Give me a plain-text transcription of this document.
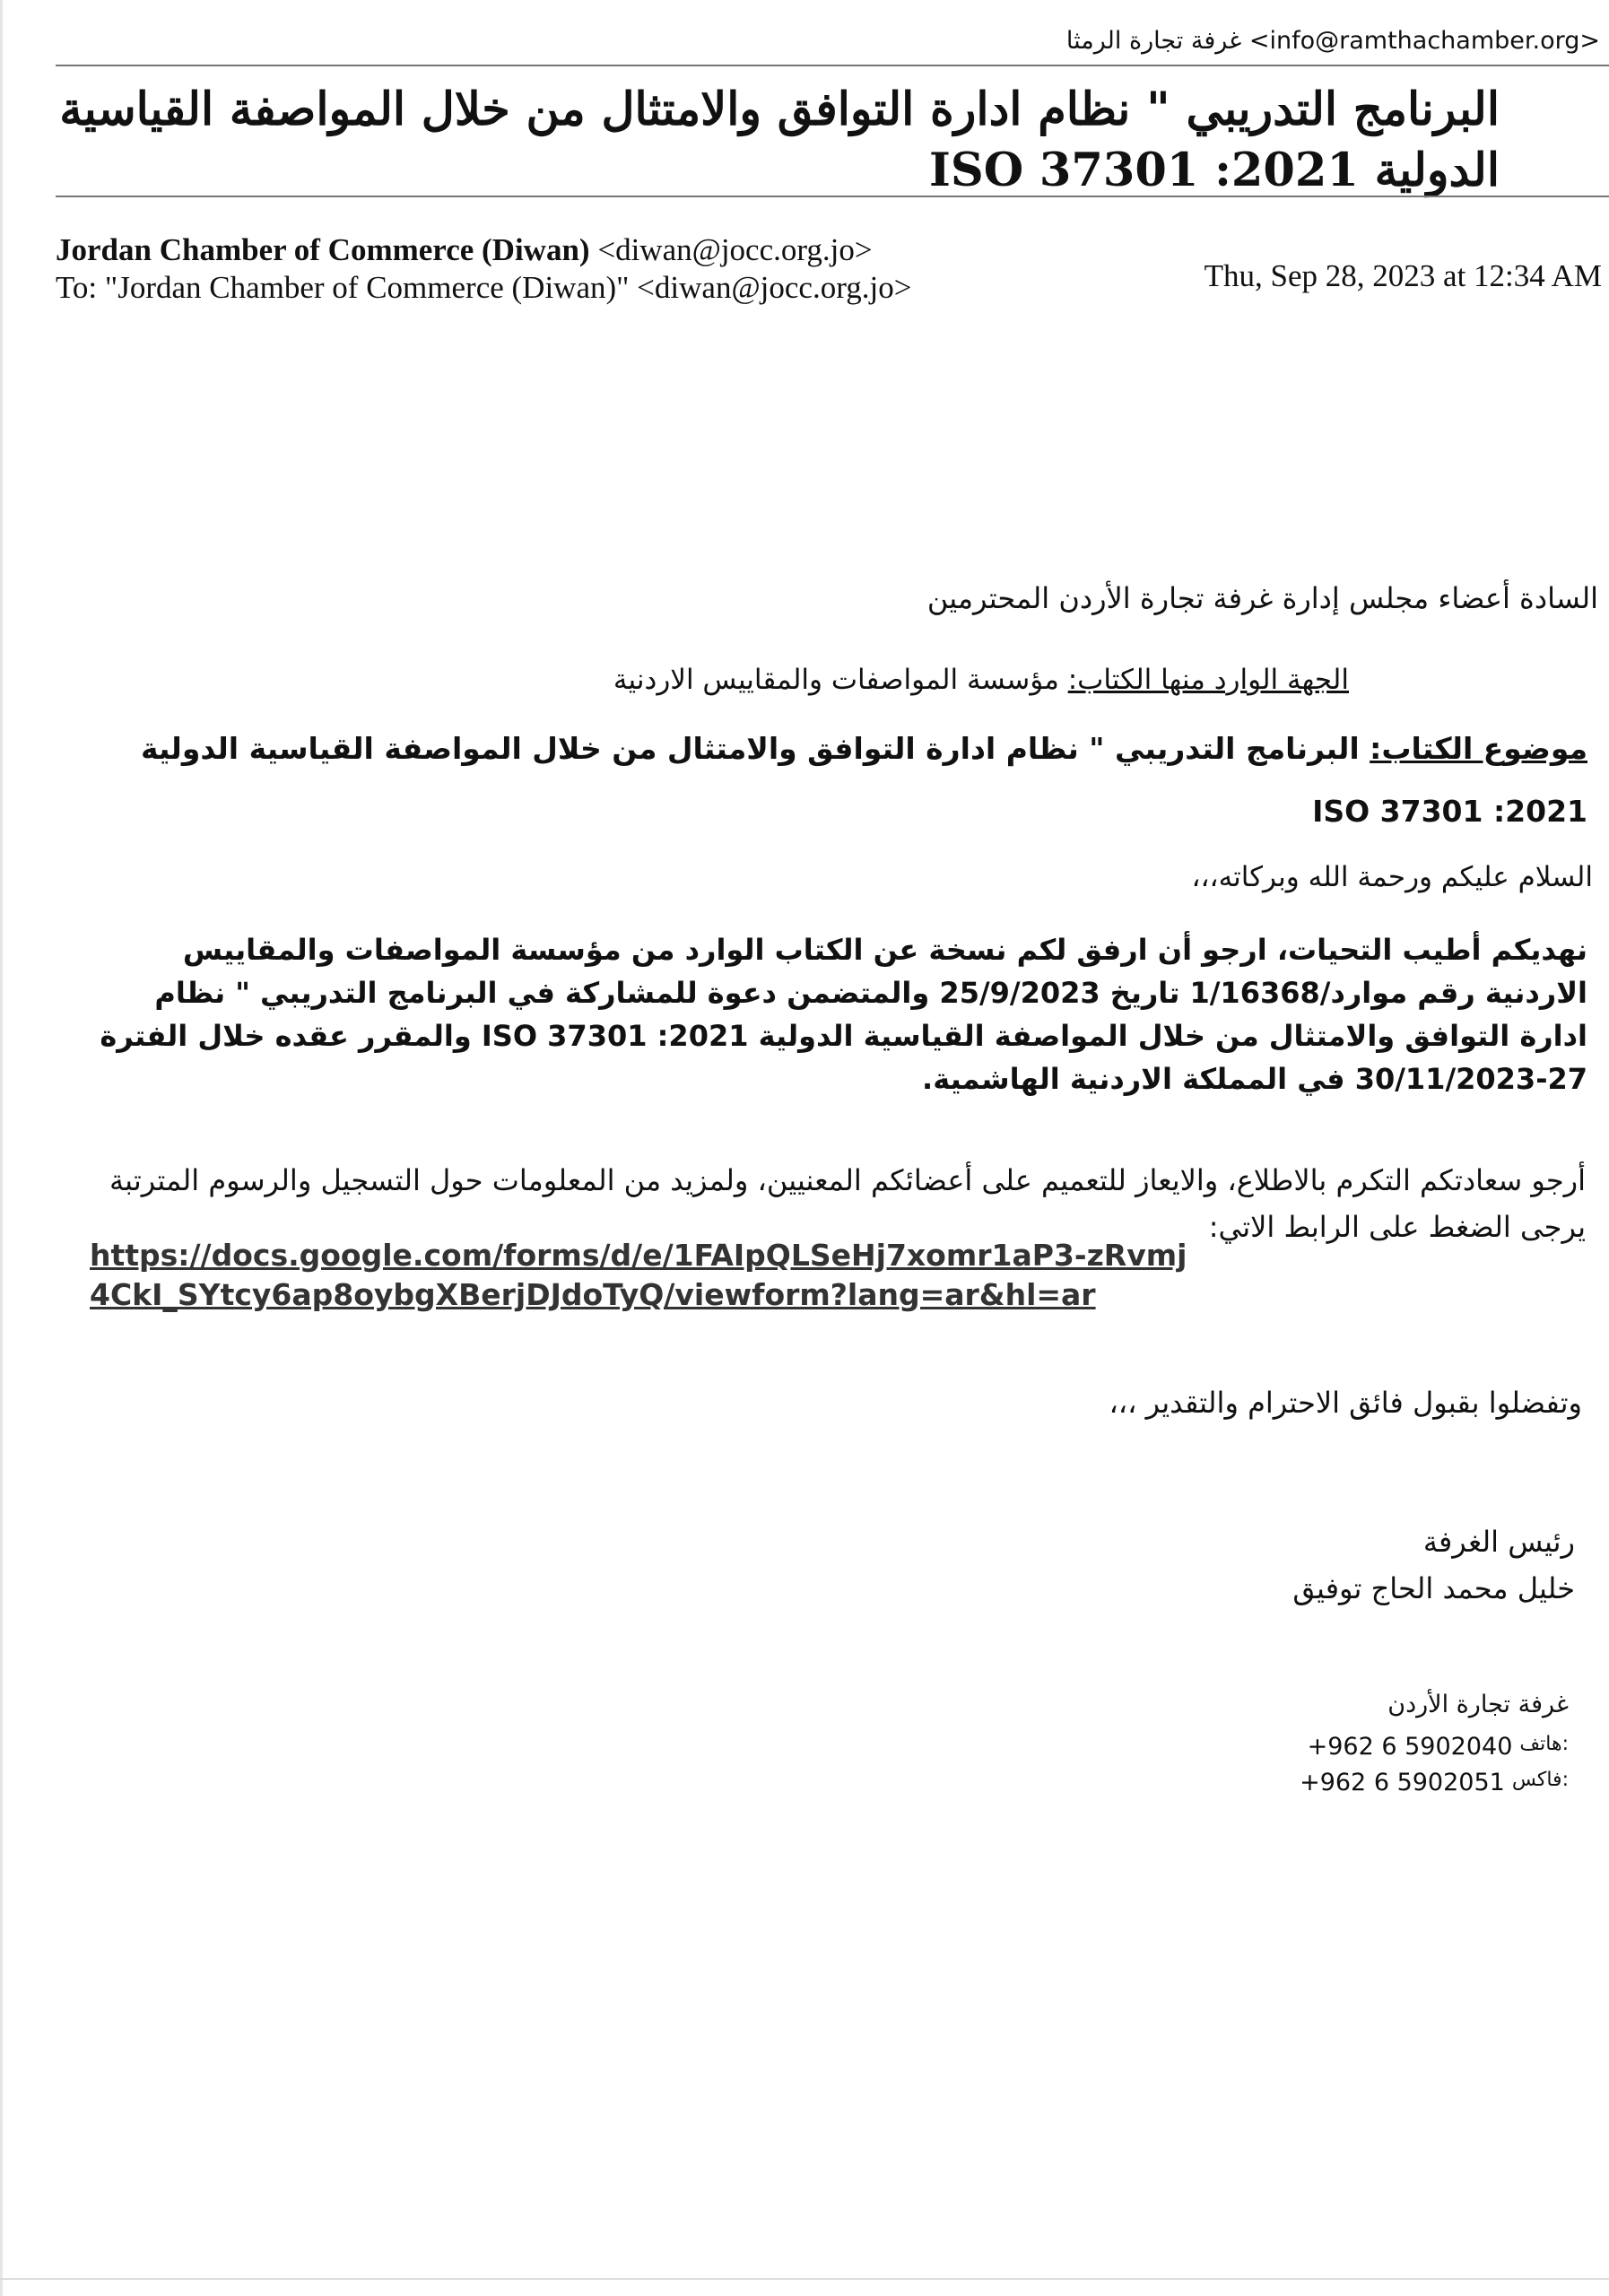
غرفة تجارة الرمثا <info@ramthachamber.org>
البرنامج التدريبي " نظام ادارة التوافق والامتثال من خلال المواصفة القياسية الدولية ISO 37301 :2021
Jordan Chamber of Commerce (Diwan) <diwan@jocc.org.jo>
To: "Jordan Chamber of Commerce (Diwan)" <diwan@jocc.org.jo>	Thu, Sep 28, 2023 at 12:34 AM
السادة أعضاء مجلس إدارة غرفة تجارة الأردن المحترمين
الجهة الوارد منها الكتاب: مؤسسة المواصفات والمقاييس الاردنية
موضوع الكتاب: البرنامج التدريبي " نظام ادارة التوافق والامتثال من خلال المواصفة القياسية الدولية ISO 37301 :2021
السلام عليكم ورحمة الله وبركاته،،،
نهديكم أطيب التحيات، ارجو أن ارفق لكم نسخة عن الكتاب الوارد من مؤسسة المواصفات والمقاييس الاردنية رقم موارد/1/16368 تاريخ 25/9/2023 والمتضمن دعوة للمشاركة في البرنامج التدريبي " نظام ادارة التوافق والامتثال من خلال المواصفة القياسية الدولية 2021: ISO 37301 والمقرر عقده خلال الفترة 27-30/11/2023 في المملكة الاردنية الهاشمية.
أرجو سعادتكم التكرم بالاطلاع، والايعاز للتعميم على أعضائكم المعنيين، ولمزيد من المعلومات حول التسجيل والرسوم المترتبة يرجى الضغط على الرابط الاتي:
https://docs.google.com/forms/d/e/1FAIpQLSeHj7xomr1aP3-zRvmj4CkI_SYtcy6ap8oybgXBerjDJdoTyQ/viewform?lang=ar&hl=ar
وتفضلوا بقبول فائق الاحترام والتقدير ،،،
رئيس الغرفة
خليل محمد الحاج توفيق
غرفة تجارة الأردن
هاتف:
+962 6 5902040
فاكس:
+962 6 5902051
